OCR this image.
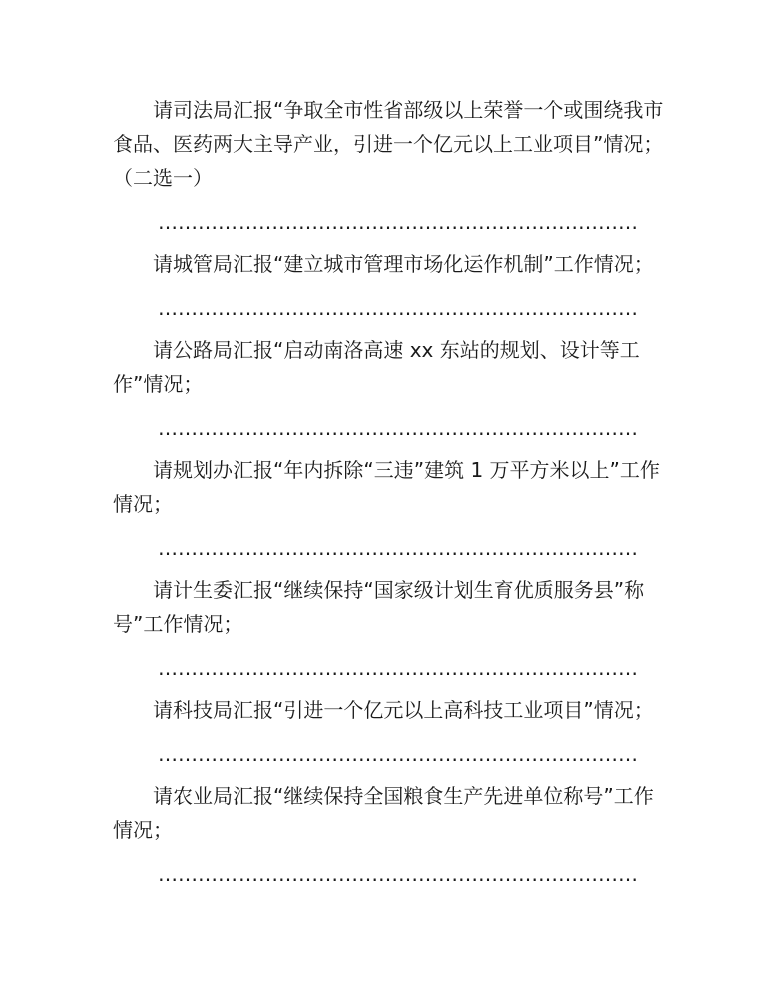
请司法局汇报“争取全市性省部级以上荣誉一个或围绕我市食品、医药两大主导产业，引进一个亿元以上工业项目”情况；（二选一）

………………………………………………………………

请城管局汇报“建立城市管理市场化运作机制”工作情况；

………………………………………………………………

请公路局汇报“启动南洛高速 xx 东站的规划、设计等工作”情况；

………………………………………………………………

请规划办汇报“年内拆除“三违”建筑 1 万平方米以上”工作情况；

………………………………………………………………

请计生委汇报“继续保持“国家级计划生育优质服务县”称号”工作情况；

………………………………………………………………

请科技局汇报“引进一个亿元以上高科技工业项目”情况；

………………………………………………………………

请农业局汇报“继续保持全国粮食生产先进单位称号”工作情况；

………………………………………………………………
